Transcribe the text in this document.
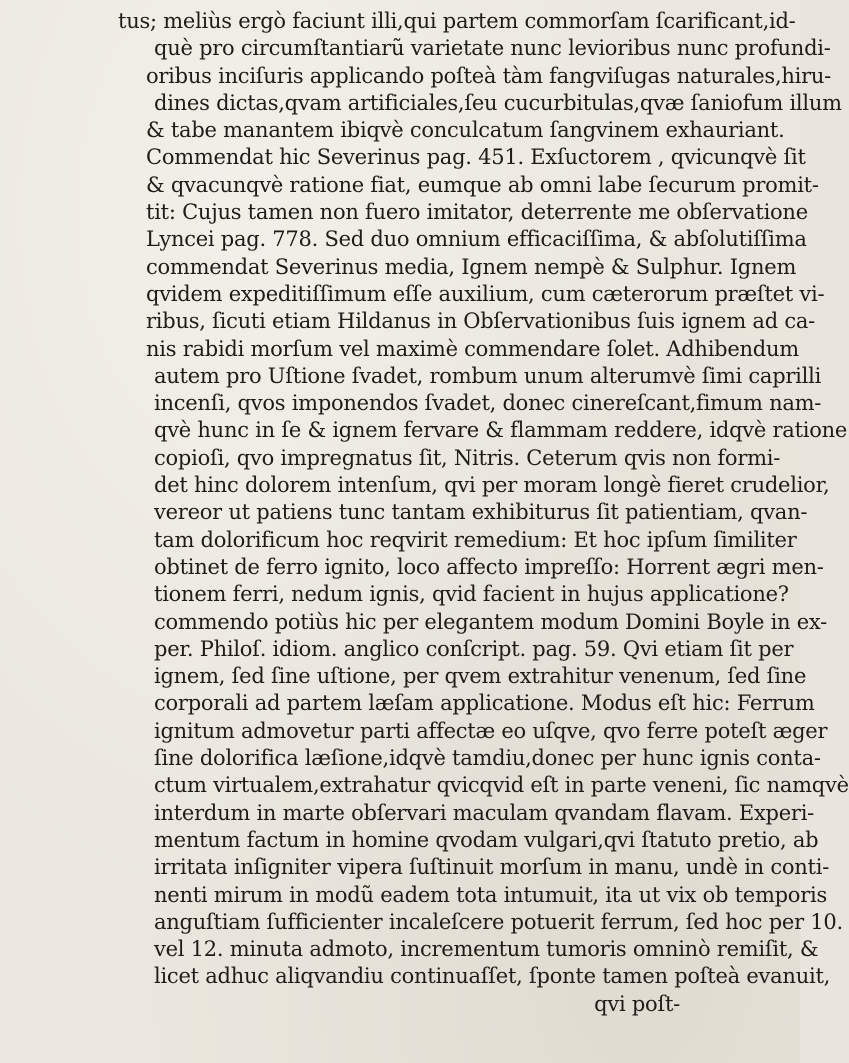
tus; meliùs ergò faciunt illi,qui partem commorſam ſcarificant,id-
què pro circumſtantiarũ varietate nunc levioribus nunc profundi-
oribus inciſuris applicando poſteà tàm fangviſugas naturales,hiru-
dines dictas,qvam artificiales,ſeu cucurbitulas,qvæ ſaniofum illum
& tabe manantem ibiqvè conculcatum ſangvinem exhauriant.
Commendat hic Severinus pag. 451. Exſuctorem , qvicunqvè ſit
& qvacunqvè ratione fiat, eumque ab omni labe ſecurum promit-
tit: Cujus tamen non fuero imitator, deterrente me obſervatione
Lyncei pag. 778. Sed duo omnium efficaciſſima, & abſolutiſſima
commendat Severinus media, Ignem nempè & Sulphur. Ignem
qvidem expeditiſſimum eſſe auxilium, cum cæterorum præſtet vi-
ribus, ſicuti etiam Hildanus in Obſervationibus ſuis ignem ad ca-
nis rabidi morſum vel maximè commendare ſolet. Adhibendum
autem pro Uſtione ſvadet, rombum unum alterumvè ſimi caprilli
incenſi, qvos imponendos ſvadet, donec cinereſcant,fimum nam-
qvè hunc in ſe & ignem fervare & flammam reddere, idqvè ratione
copioſi, qvo impregnatus ſit, Nitris. Ceterum qvis non formi-
det hinc dolorem intenſum, qvi per moram longè fieret crudelior,
vereor ut patiens tunc tantam exhibiturus ſit patientiam, qvan-
tam dolorificum hoc reqvirit remedium: Et hoc ipſum ſimiliter
obtinet de ferro ignito, loco affecto impreſſo: Horrent ægri men-
tionem ferri, nedum ignis, qvid facient in hujus applicatione?
commendo potiùs hic per elegantem modum Domini Boyle in ex-
per. Philoſ. idiom. anglico conſcript. pag. 59. Qvi etiam ſit per
ignem, ſed ſine uſtione, per qvem extrahitur venenum, ſed ſine
corporali ad partem læſam applicatione. Modus eſt hic: Ferrum
ignitum admovetur parti affectæ eo uſqve, qvo ferre poteſt æger
ſine dolorifica læſione,idqvè tamdiu,donec per hunc ignis conta-
ctum virtualem,extrahatur qvicqvid eſt in parte veneni, ſic namqvè
interdum in marte obſervari maculam qvandam flavam. Experi-
mentum factum in homine qvodam vulgari,qvi ſtatuto pretio, ab
irritata inſigniter vipera ſuſtinuit morſum in manu, undè in conti-
nenti mirum in modũ eadem tota intumuit, ita ut vix ob temporis
anguſtiam ſufficienter incaleſcere potuerit ferrum, ſed hoc per 10.
vel 12. minuta admoto, incrementum tumoris omninò remiſit, &
licet adhuc aliqvandiu continuaſſet, ſponte tamen poſteà evanuit,
qvi poſt-
